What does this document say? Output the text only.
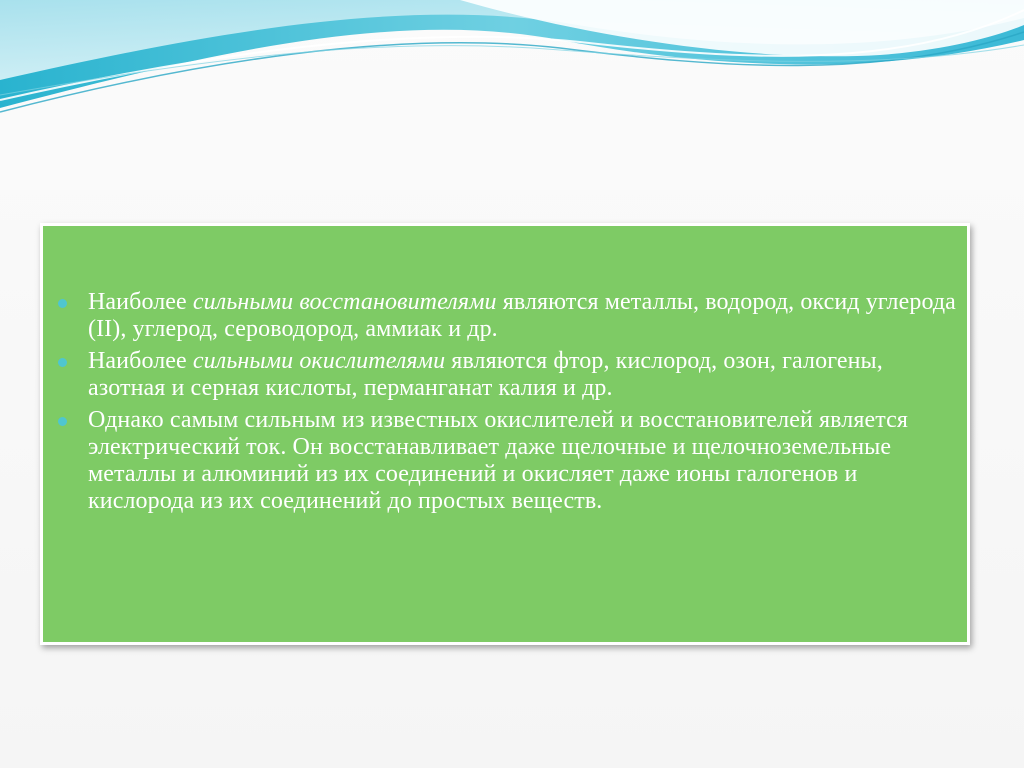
Наиболее сильными восстановителями являются металлы, водород, оксид углерода (II), углерод, сероводород, аммиак и др.
Наиболее сильными окислителями являются фтор, кислород, озон, галогены, азотная и серная кислоты, перманганат калия и др.
Однако самым сильным из известных окислителей и восстановителей является электрический ток. Он восстанавливает даже щелочные и щелочноземельные металлы и алюминий из их соединений и окисляет даже ионы галогенов и кислорода из их соединений до простых веществ.
